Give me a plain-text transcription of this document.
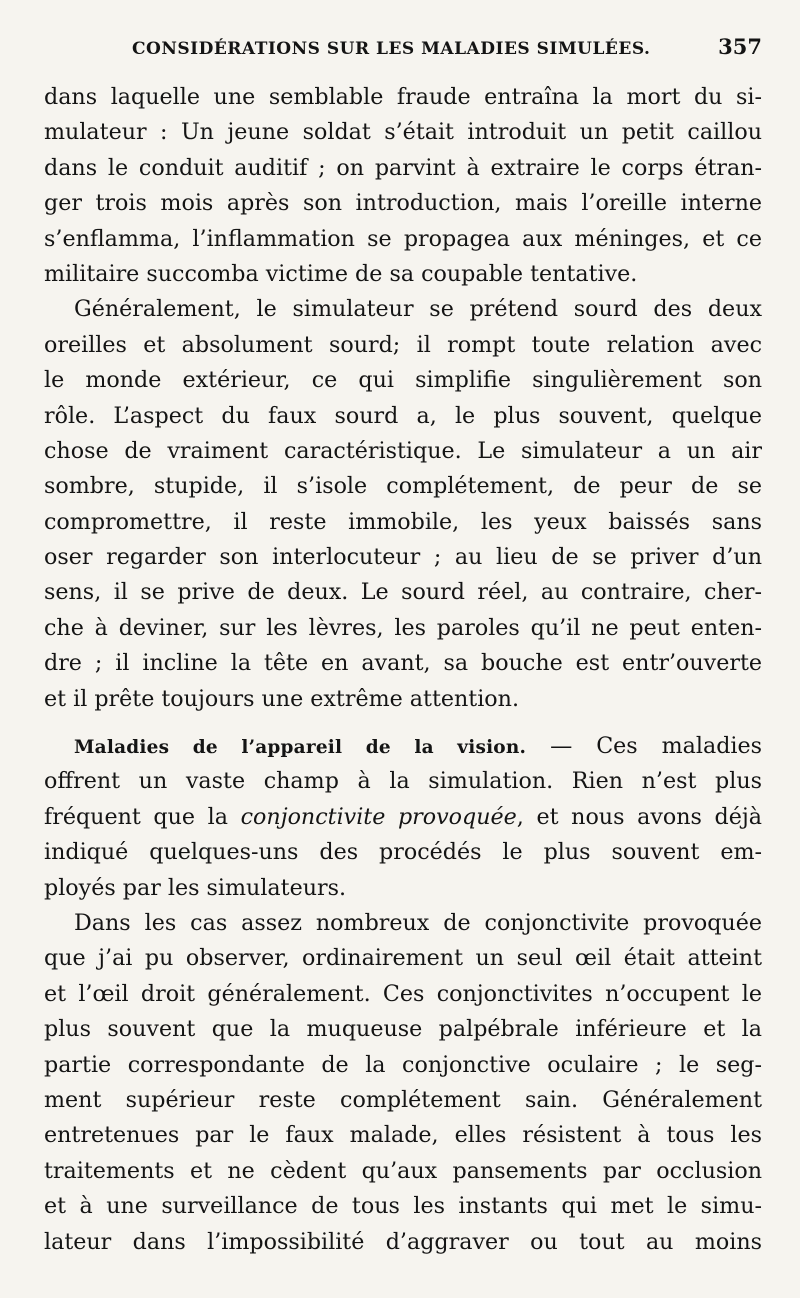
CONSIDÉRATIONS SUR LES MALADIES SIMULÉES.	357
dans laquelle une semblable fraude entraîna la mort du si-
mulateur : Un jeune soldat s’était introduit un petit caillou
dans le conduit auditif ; on parvint à extraire le corps étran-
ger trois mois après son introduction, mais l’oreille interne
s’enflamma, l’inflammation se propagea aux méninges, et ce
militaire succomba victime de sa coupable tentative.
Généralement, le simulateur se prétend sourd des deux
oreilles et absolument sourd; il rompt toute relation avec
le monde extérieur, ce qui simplifie singulièrement son
rôle. L’aspect du faux sourd a, le plus souvent, quelque
chose de vraiment caractéristique. Le simulateur a un air
sombre, stupide, il s’isole complétement, de peur de se
compromettre, il reste immobile, les yeux baissés sans
oser regarder son interlocuteur ; au lieu de se priver d’un
sens, il se prive de deux. Le sourd réel, au contraire, cher-
che à deviner, sur les lèvres, les paroles qu’il ne peut enten-
dre ; il incline la tête en avant, sa bouche est entr’ouverte
et il prête toujours une extrême attention.
Maladies de l’appareil de la vision. — Ces maladies
offrent un vaste champ à la simulation. Rien n’est plus
fréquent que la conjonctivite provoquée, et nous avons déjà
indiqué quelques-uns des procédés le plus souvent em-
ployés par les simulateurs.
Dans les cas assez nombreux de conjonctivite provoquée
que j’ai pu observer, ordinairement un seul œil était atteint
et l’œil droit généralement. Ces conjonctivites n’occupent le
plus souvent que la muqueuse palpébrale inférieure et la
partie correspondante de la conjonctive oculaire ; le seg-
ment supérieur reste complétement sain. Généralement
entretenues par le faux malade, elles résistent à tous les
traitements et ne cèdent qu’aux pansements par occlusion
et à une surveillance de tous les instants qui met le simu-
lateur dans l’impossibilité d’aggraver ou tout au moins
